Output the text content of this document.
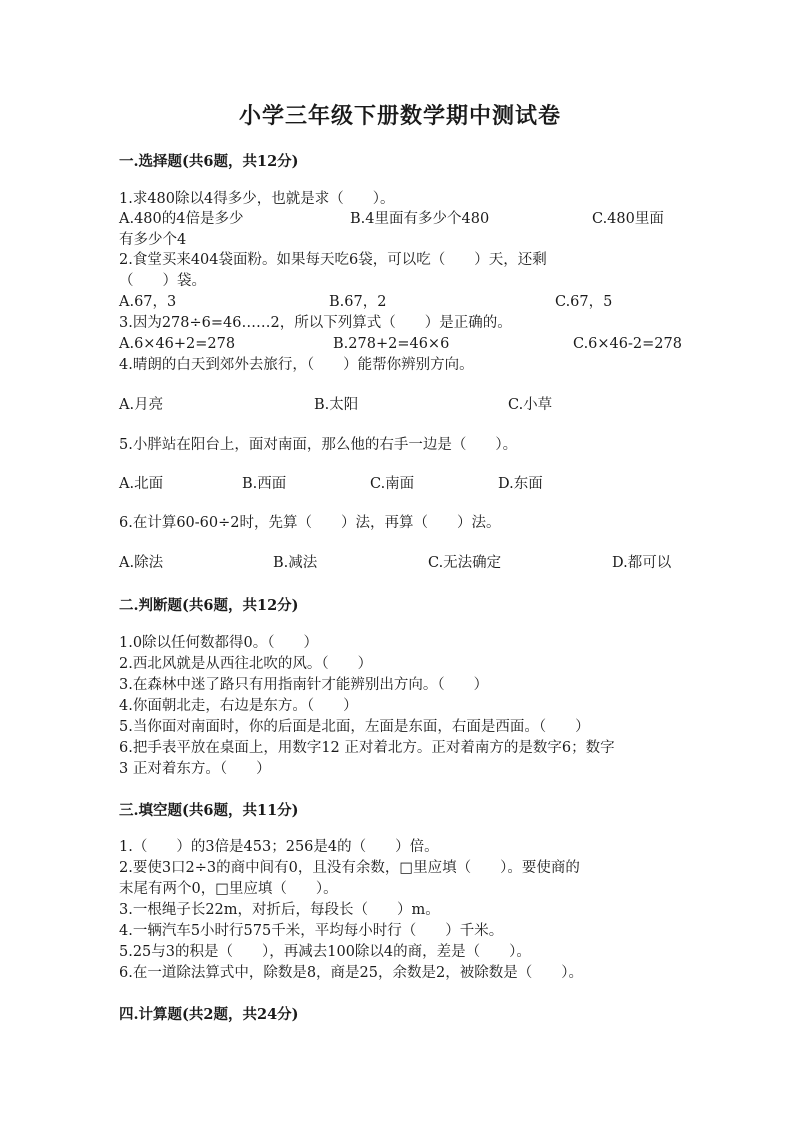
小学三年级下册数学期中测试卷
一.选择题(共6题，共12分)
1.求480除以4得多少，也就是求（　　）。
A.480的4倍是多少	B.4里面有多少个480	C.480里面
有多少个4
2.食堂买来404袋面粉。如果每天吃6袋，可以吃（　　）天，还剩
（　　）袋。
A.67，3	B.67，2	C.67，5
3.因为278÷6=46……2，所以下列算式（　　）是正确的。
A.6×46+2=278	B.278+2=46×6	C.6×46-2=278
4.晴朗的白天到郊外去旅行，（　　）能帮你辨别方向。
A.月亮	B.太阳	C.小草
5.小胖站在阳台上，面对南面，那么他的右手一边是（　　）。
A.北面	B.西面	C.南面	D.东面
6.在计算60-60÷2时，先算（　　）法，再算（　　）法。
A.除法	B.减法	C.无法确定	D.都可以
二.判断题(共6题，共12分)
1.0除以任何数都得0。（　　）
2.西北风就是从西往北吹的风。（　　）
3.在森林中迷了路只有用指南针才能辨别出方向。（　　）
4.你面朝北走，右边是东方。（　　）
5.当你面对南面时，你的后面是北面，左面是东面，右面是西面。（　　）
6.把手表平放在桌面上，用数字12 正对着北方。正对着南方的是数字6；数字
3 正对着东方。（　　）
三.填空题(共6题，共11分)
1.（　　）的3倍是453；256是4的（　　）倍。
2.要使3口2÷3的商中间有0，且没有余数，□里应填（　　）。要使商的
末尾有两个0，□里应填（　　）。
3.一根绳子长22m，对折后，每段长（　　）m。
4.一辆汽车5小时行575千米，平均每小时行（　　）千米。
5.25与3的积是（　　），再减去100除以4的商，差是（　　）。
6.在一道除法算式中，除数是8，商是25，余数是2，被除数是（　　）。
四.计算题(共2题，共24分)
